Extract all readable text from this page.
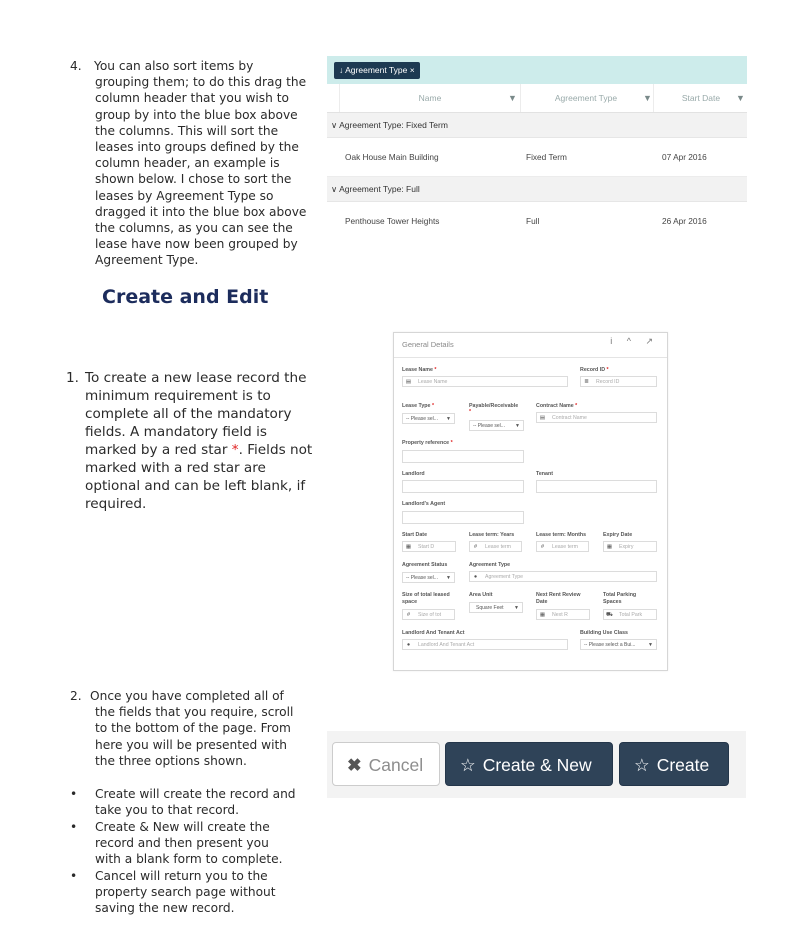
4. You can also sort items by
grouping them; to do this drag the
column header that you wish to
group by into the blue box above
the columns. This will sort the
leases into groups defined by the
column header, an example is
shown below. I chose to sort the
leases by Agreement Type so
dragged it into the blue box above
the columns, as you can see the
lease have now been grouped by
Agreement Type.
↓ Agreement Type ×
Name	▼	Agreement Type	▼	Start Date	▼
∨ Agreement Type: Fixed Term
Oak House Main Building	Fixed Term	07 Apr 2016
∨ Agreement Type: Full
Penthouse Tower Heights	Full	26 Apr 2016
Create and Edit
1. To create a new lease record the
minimum requirement is to
complete all of the mandatory
fields. A mandatory field is
marked by a red star *. Fields not
marked with a red star are
optional and can be left blank, if
required.
General Details	i ^ ↗
Lease Name *
▤ Lease Name
Record ID *
≣ Record ID
Lease Type *
-- Please sel... ▼
Payable/Receivable
*
-- Please sel... ▼
Contract Name *
▤ Contract Name
Property reference *
Landlord	Tenant
Landlord's Agent
Start Date
▦ Start D
Lease term: Years
# Lease term
Lease term: Months
# Lease term
Expiry Date
▦ Expiry
Agreement Status
-- Please sel... ▼
Agreement Type
● Agreement Type
Size of total leased space
# Size of tot
Area Unit
Square Feet ▼
Next Rent Review Date
▦ Next R
Total Parking Spaces
⛟ Total Park
Landlord And Tenant Act
● Landlord And Tenant Act
Building Use Class
-- Please select a Bui...	▼
2. Once you have completed all of
the fields that you require, scroll
to the bottom of the page. From
here you will be presented with
the three options shown.	✖ Cancel	☆ Create & New	☆ Create
•	Create will create the record and
take you to that record.
•	Create & New will create the
record and then present you
with a blank form to complete.
•	Cancel will return you to the
property search page without
saving the new record.
